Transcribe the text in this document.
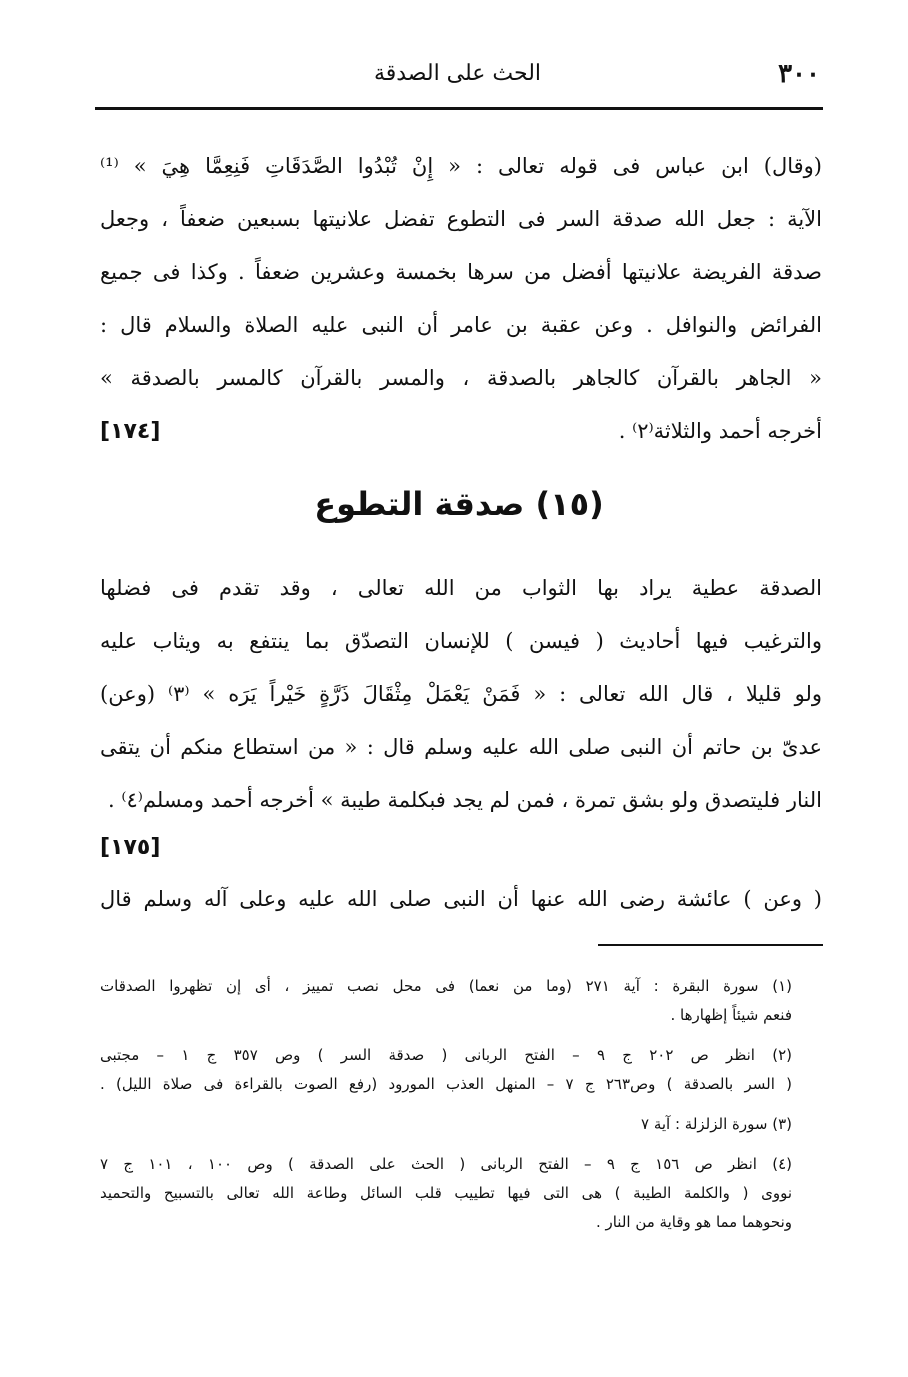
٣٠٠
الحث على الصدقة
(وقال) ابن عباس فى قوله تعالى : « إِنْ تُبْدُوا الصَّدَقَاتِ فَنِعِمَّا هِيَ » ⁽¹⁾
الآية : جعل الله صدقة السر فى التطوع تفضل علانيتها بسبعين ضعفاً ، وجعل
صدقة الفريضة علانيتها أفضل من سرها بخمسة وعشرين ضعفاً . وكذا فى جميع
الفرائض والنوافل . وعن عقبة بن عامر أن النبى عليه الصلاة والسلام قال :
« الجاهر بالقرآن كالجاهر بالصدقة ، والمسر بالقرآن كالمسر بالصدقة »
أخرجه أحمد والثلاثة⁽٢⁾ .
[١٧٤]
(١٥) صدقة التطوع
الصدقة عطية يراد بها الثواب من الله تعالى ، وقد تقدم فى فضلها
والترغيب فيها أحاديث ( فيسن ) للإنسان التصدّق بما ينتفع به ويثاب عليه
ولو قليلا ، قال الله تعالى : « فَمَنْ يَعْمَلْ مِثْقَالَ ذَرَّةٍ خَيْراً يَرَه » ⁽٣⁾ (وعن)
عدىّ بن حاتم أن النبى صلى الله عليه وسلم قال : « من استطاع منكم أن يتقى
النار فليتصدق ولو بشق تمرة ، فمن لم يجد فبكلمة طيبة » أخرجه أحمد ومسلم⁽٤⁾ .
[١٧٥]
( وعن ) عائشة رضى الله عنها أن النبى صلى الله عليه وعلى آله وسلم قال
(١) سورة البقرة : آية ٢٧١ (وما من نعما) فى محل نصب تمييز ، أى إن تظهروا الصدقات
فنعم شيئاً إظهارها .
(٢) انظر ص ٢٠٢ ج ٩ – الفتح الربانى ( صدقة السر ) وص ٣٥٧ ج ١ – مجتبى
( السر بالصدقة ) وص٢٦٣ ج ٧ – المنهل العذب المورود (رفع الصوت بالقراءة فى صلاة الليل) .
(٣) سورة الزلزلة : آية ٧
(٤) انظر ص ١٥٦ ج ٩ – الفتح الربانى ( الحث على الصدقة ) وص ١٠٠ ، ١٠١ ج ٧
نووى ( والكلمة الطيبة ) هى التى فيها تطييب قلب السائل وطاعة الله تعالى بالتسبيح والتحميد
ونحوهما مما هو وقاية من النار .
